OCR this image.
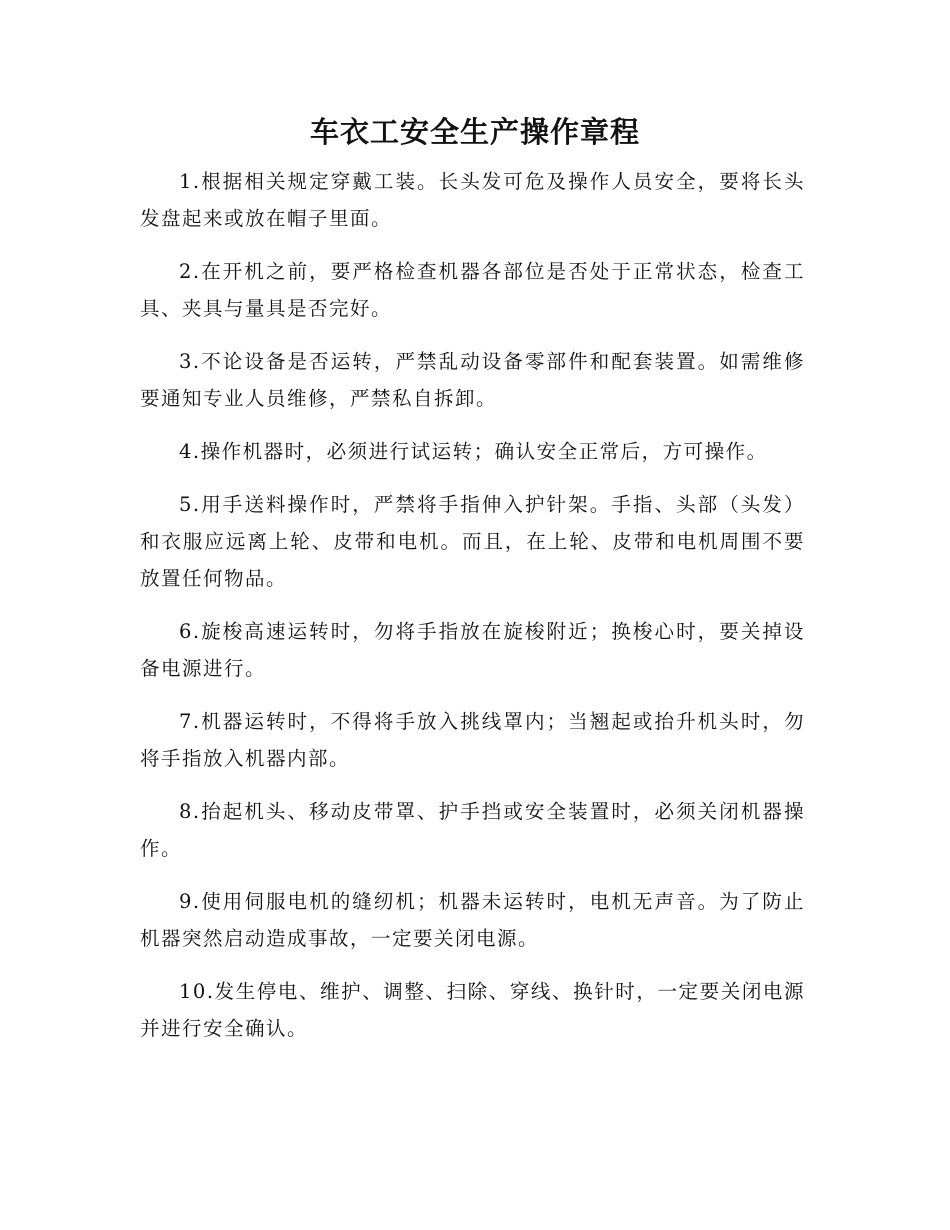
车衣工安全生产操作章程

1.根据相关规定穿戴工装。长头发可危及操作人员安全，要将长头发盘起来或放在帽子里面。

2.在开机之前，要严格检查机器各部位是否处于正常状态，检查工具、夹具与量具是否完好。

3.不论设备是否运转，严禁乱动设备零部件和配套装置。如需维修要通知专业人员维修，严禁私自拆卸。

4.操作机器时，必须进行试运转；确认安全正常后，方可操作。

5.用手送料操作时，严禁将手指伸入护针架。手指、头部（头发）和衣服应远离上轮、皮带和电机。而且，在上轮、皮带和电机周围不要放置任何物品。

6.旋梭高速运转时，勿将手指放在旋梭附近；换梭心时，要关掉设备电源进行。

7.机器运转时，不得将手放入挑线罩内；当翘起或抬升机头时，勿将手指放入机器内部。

8.抬起机头、移动皮带罩、护手挡或安全装置时，必须关闭机器操作。

9.使用伺服电机的缝纫机；机器未运转时，电机无声音。为了防止机器突然启动造成事故，一定要关闭电源。

10.发生停电、维护、调整、扫除、穿线、换针时，一定要关闭电源并进行安全确认。
